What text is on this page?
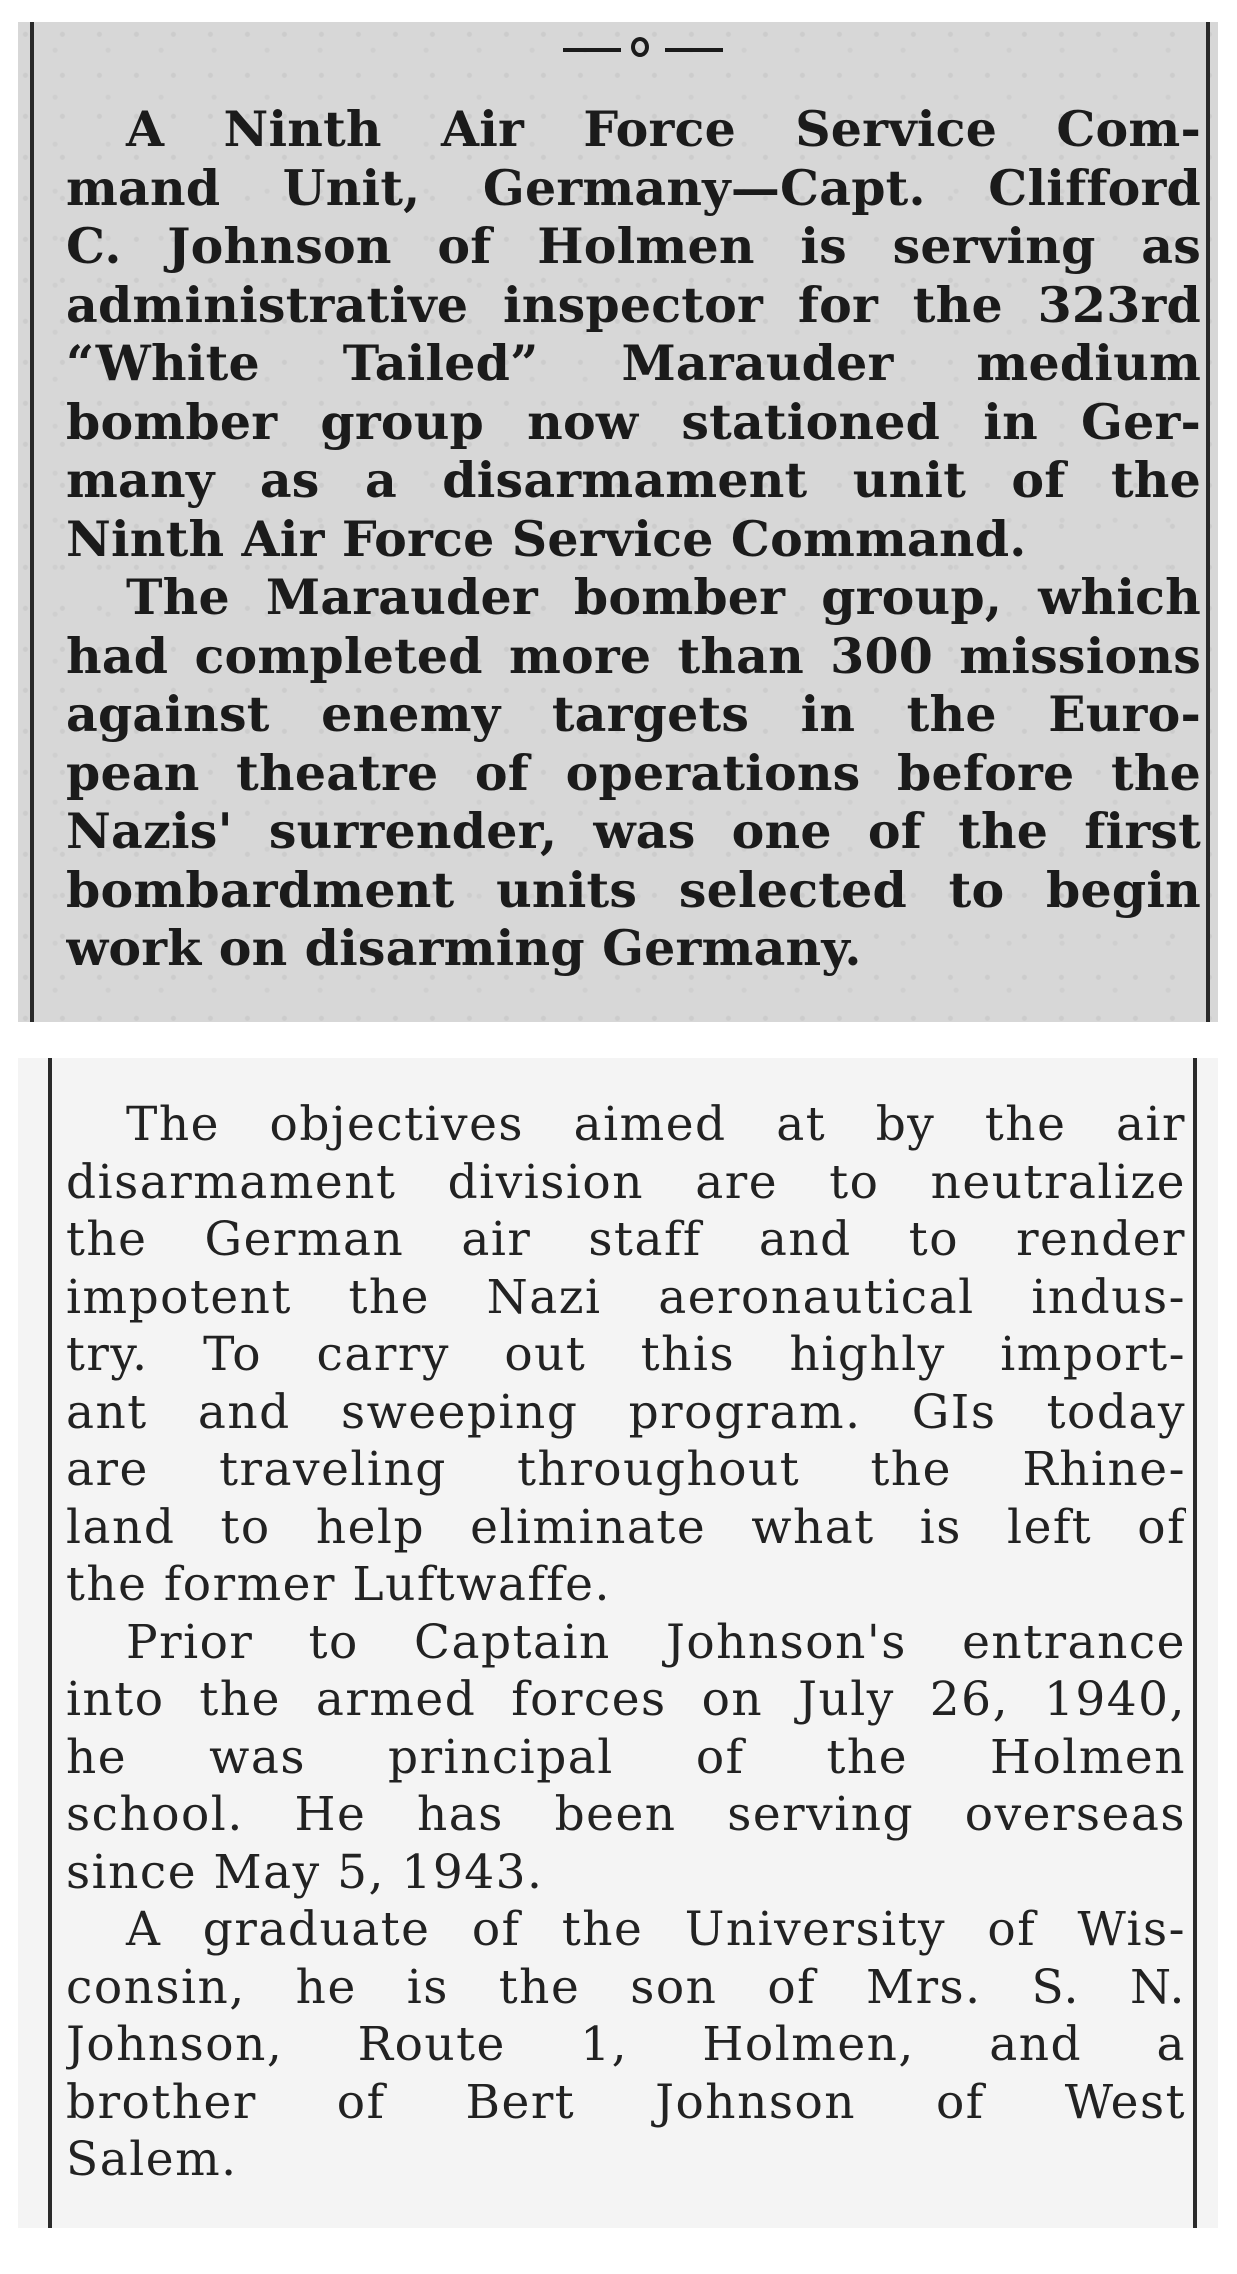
A Ninth Air Force Service Com-
mand Unit, Germany—Capt. Clifford
C. Johnson of Holmen is serving as
administrative inspector for the 323rd
“White Tailed” Marauder medium
bomber group now stationed in Ger-
many as a disarmament unit of the
Ninth Air Force Service Command.
The Marauder bomber group, which
had completed more than 300 missions
against enemy targets in the Euro-
pean theatre of operations before the
Nazis' surrender, was one of the first
bombardment units selected to begin
work on disarming Germany.
The objectives aimed at by the air
disarmament division are to neutralize
the German air staff and to render
impotent the Nazi aeronautical indus-
try. To carry out this highly import-
ant and sweeping program. GIs today
are traveling throughout the Rhine-
land to help eliminate what is left of
the former Luftwaffe.
Prior to Captain Johnson's entrance
into the armed forces on July 26, 1940,
he was principal of the Holmen
school. He has been serving overseas
since May 5, 1943.
A graduate of the University of Wis-
consin, he is the son of Mrs. S. N.
Johnson, Route 1, Holmen, and a
brother of Bert Johnson of West
Salem.
